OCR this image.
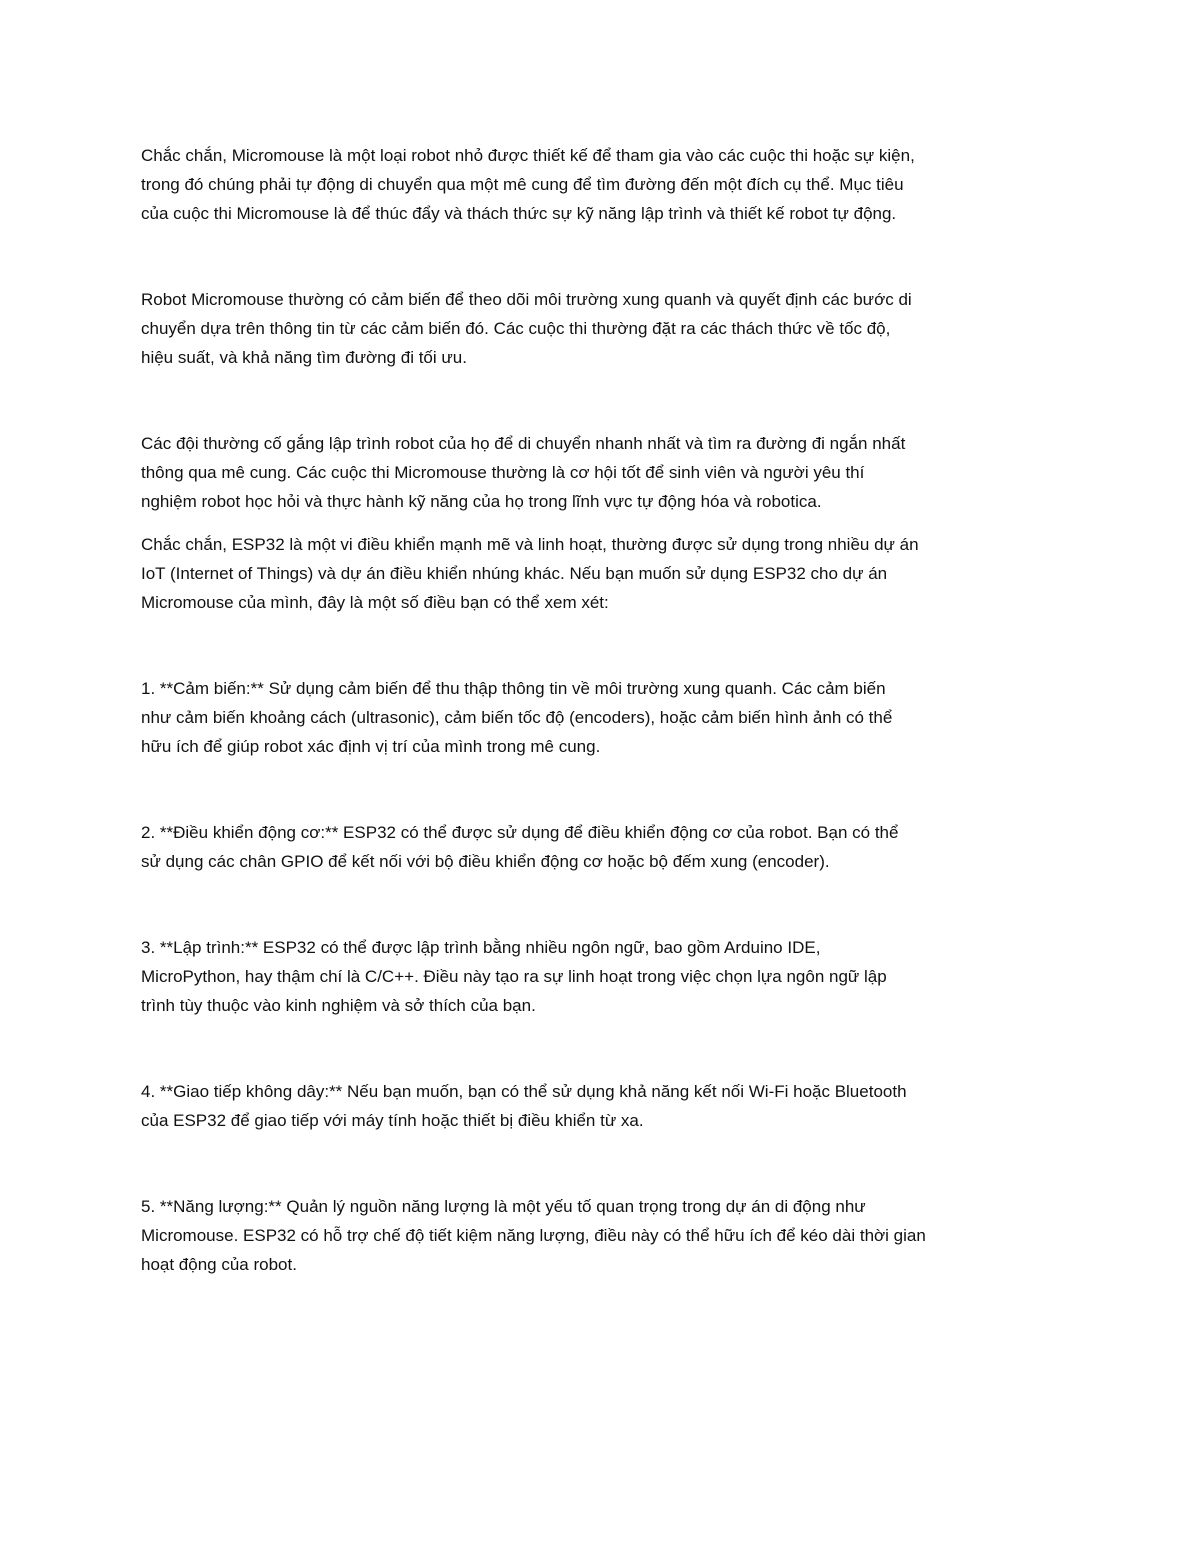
Chắc chắn, Micromouse là một loại robot nhỏ được thiết kế để tham gia vào các cuộc thi hoặc sự kiện,
trong đó chúng phải tự động di chuyển qua một mê cung để tìm đường đến một đích cụ thể. Mục tiêu
của cuộc thi Micromouse là để thúc đẩy và thách thức sự kỹ năng lập trình và thiết kế robot tự động.
Robot Micromouse thường có cảm biến để theo dõi môi trường xung quanh và quyết định các bước di
chuyển dựa trên thông tin từ các cảm biến đó. Các cuộc thi thường đặt ra các thách thức về tốc độ,
hiệu suất, và khả năng tìm đường đi tối ưu.
Các đội thường cố gắng lập trình robot của họ để di chuyển nhanh nhất và tìm ra đường đi ngắn nhất
thông qua mê cung. Các cuộc thi Micromouse thường là cơ hội tốt để sinh viên và người yêu thí
nghiệm robot học hỏi và thực hành kỹ năng của họ trong lĩnh vực tự động hóa và robotica.
Chắc chắn, ESP32 là một vi điều khiển mạnh mẽ và linh hoạt, thường được sử dụng trong nhiều dự án
IoT (Internet of Things) và dự án điều khiển nhúng khác. Nếu bạn muốn sử dụng ESP32 cho dự án
Micromouse của mình, đây là một số điều bạn có thể xem xét:
1. **Cảm biến:** Sử dụng cảm biến để thu thập thông tin về môi trường xung quanh. Các cảm biến
như cảm biến khoảng cách (ultrasonic), cảm biến tốc độ (encoders), hoặc cảm biến hình ảnh có thể
hữu ích để giúp robot xác định vị trí của mình trong mê cung.
2. **Điều khiển động cơ:** ESP32 có thể được sử dụng để điều khiển động cơ của robot. Bạn có thể
sử dụng các chân GPIO để kết nối với bộ điều khiển động cơ hoặc bộ đếm xung (encoder).
3. **Lập trình:** ESP32 có thể được lập trình bằng nhiều ngôn ngữ, bao gồm Arduino IDE,
MicroPython, hay thậm chí là C/C++. Điều này tạo ra sự linh hoạt trong việc chọn lựa ngôn ngữ lập
trình tùy thuộc vào kinh nghiệm và sở thích của bạn.
4. **Giao tiếp không dây:** Nếu bạn muốn, bạn có thể sử dụng khả năng kết nối Wi-Fi hoặc Bluetooth
của ESP32 để giao tiếp với máy tính hoặc thiết bị điều khiển từ xa.
5. **Năng lượng:** Quản lý nguồn năng lượng là một yếu tố quan trọng trong dự án di động như
Micromouse. ESP32 có hỗ trợ chế độ tiết kiệm năng lượng, điều này có thể hữu ích để kéo dài thời gian
hoạt động của robot.
